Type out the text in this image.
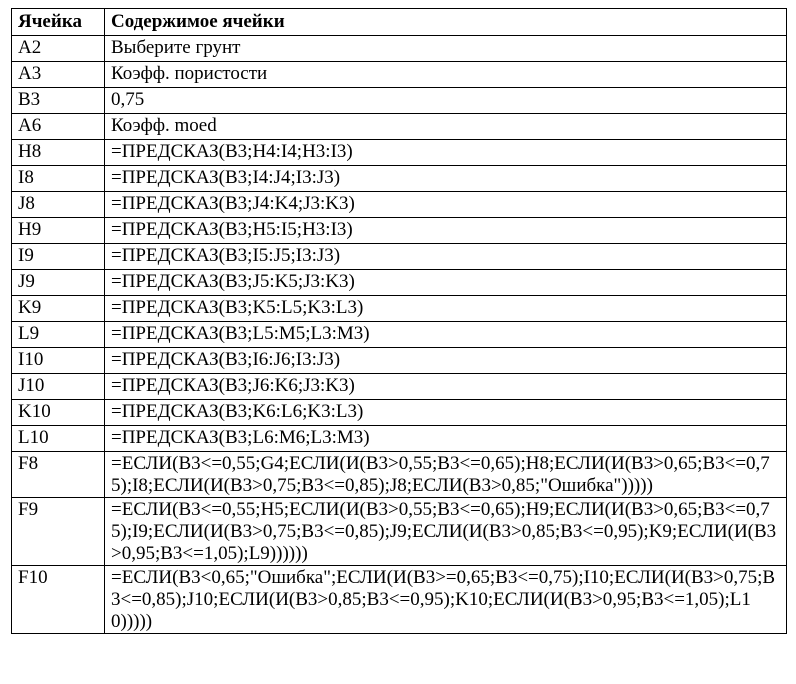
Ячейка	Содержимое ячейки
A2	Выберите грунт
A3	Коэфф. пористости
B3	0,75
A6	Коэфф. moed
H8	=ПРЕДСКАЗ(B3;H4:I4;H3:I3)
I8	=ПРЕДСКАЗ(B3;I4:J4;I3:J3)
J8	=ПРЕДСКАЗ(B3;J4:K4;J3:K3)
H9	=ПРЕДСКАЗ(B3;H5:I5;H3:I3)
I9	=ПРЕДСКАЗ(B3;I5:J5;I3:J3)
J9	=ПРЕДСКАЗ(B3;J5:K5;J3:K3)
K9	=ПРЕДСКАЗ(B3;K5:L5;K3:L3)
L9	=ПРЕДСКАЗ(B3;L5:M5;L3:M3)
I10	=ПРЕДСКАЗ(B3;I6:J6;I3:J3)
J10	=ПРЕДСКАЗ(B3;J6:K6;J3:K3)
K10	=ПРЕДСКАЗ(B3;K6:L6;K3:L3)
L10	=ПРЕДСКАЗ(B3;L6:M6;L3:M3)
F8	=ЕСЛИ(B3<=0,55;G4;ЕСЛИ(И(B3>0,55;B3<=0,65);H8;ЕСЛИ(И(B3>0,65;B3<=0,75);I8;ЕСЛИ(И(B3>0,75;B3<=0,85);J8;ЕСЛИ(B3>0,85;"Ошибка")))))
F9	=ЕСЛИ(B3<=0,55;H5;ЕСЛИ(И(B3>0,55;B3<=0,65);H9;ЕСЛИ(И(B3>0,65;B3<=0,75);I9;ЕСЛИ(И(B3>0,75;B3<=0,85);J9;ЕСЛИ(И(B3>0,85;B3<=0,95);K9;ЕСЛИ(И(B3>0,95;B3<=1,05);L9))))))
F10	=ЕСЛИ(B3<0,65;"Ошибка";ЕСЛИ(И(B3>=0,65;B3<=0,75);I10;ЕСЛИ(И(B3>0,75;B3<=0,85);J10;ЕСЛИ(И(B3>0,85;B3<=0,95);K10;ЕСЛИ(И(B3>0,95;B3<=1,05);L10)))))
